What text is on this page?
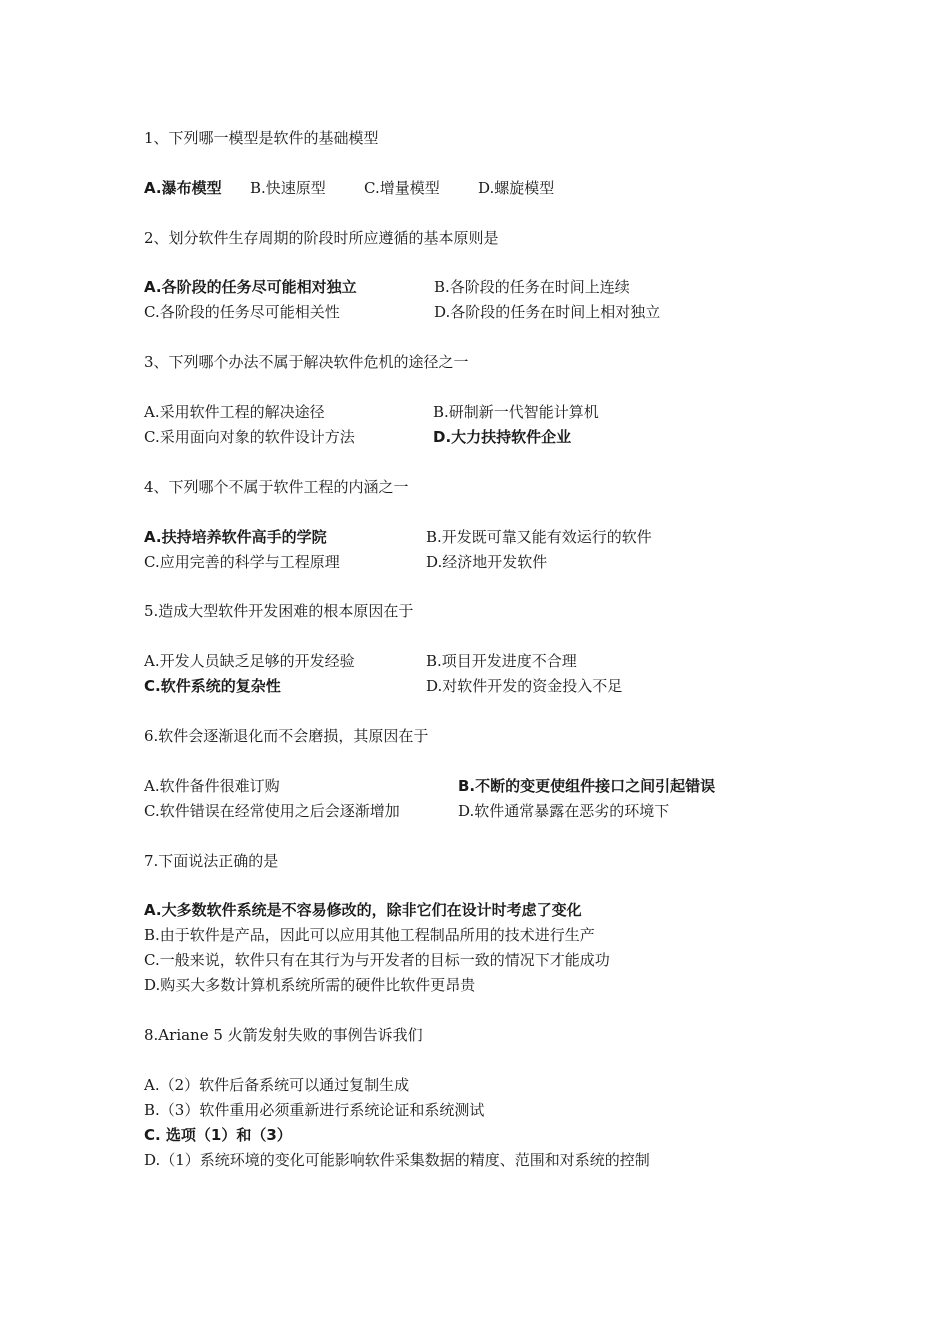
1、下列哪一模型是软件的基础模型
A.瀑布模型 B.快速原型	C.增量模型	D.螺旋模型
2、划分软件生存周期的阶段时所应遵循的基本原则是
A.各阶段的任务尽可能相对独立	B.各阶段的任务在时间上连续
C.各阶段的任务尽可能相关性	D.各阶段的任务在时间上相对独立
3、下列哪个办法不属于解决软件危机的途径之一
A.采用软件工程的解决途径	B.研制新一代智能计算机
C.采用面向对象的软件设计方法	D.大力扶持软件企业
4、下列哪个不属于软件工程的内涵之一
A.扶持培养软件高手的学院	B.开发既可靠又能有效运行的软件
C.应用完善的科学与工程原理	D.经济地开发软件
5.造成大型软件开发困难的根本原因在于
A.开发人员缺乏足够的开发经验	B.项目开发进度不合理
C.软件系统的复杂性	D.对软件开发的资金投入不足
6.软件会逐渐退化而不会磨损，其原因在于
A.软件备件很难订购	B.不断的变更使组件接口之间引起错误
C.软件错误在经常使用之后会逐渐增加	D.软件通常暴露在恶劣的环境下
7.下面说法正确的是
A.大多数软件系统是不容易修改的，除非它们在设计时考虑了变化
B.由于软件是产品，因此可以应用其他工程制品所用的技术进行生产
C.一般来说，软件只有在其行为与开发者的目标一致的情况下才能成功
D.购买大多数计算机系统所需的硬件比软件更昂贵
8.Ariane 5 火箭发射失败的事例告诉我们
A.（2）软件后备系统可以通过复制生成
B.（3）软件重用必须重新进行系统论证和系统测试
C. 选项（1）和（3）
D.（1）系统环境的变化可能影响软件采集数据的精度、范围和对系统的控制
